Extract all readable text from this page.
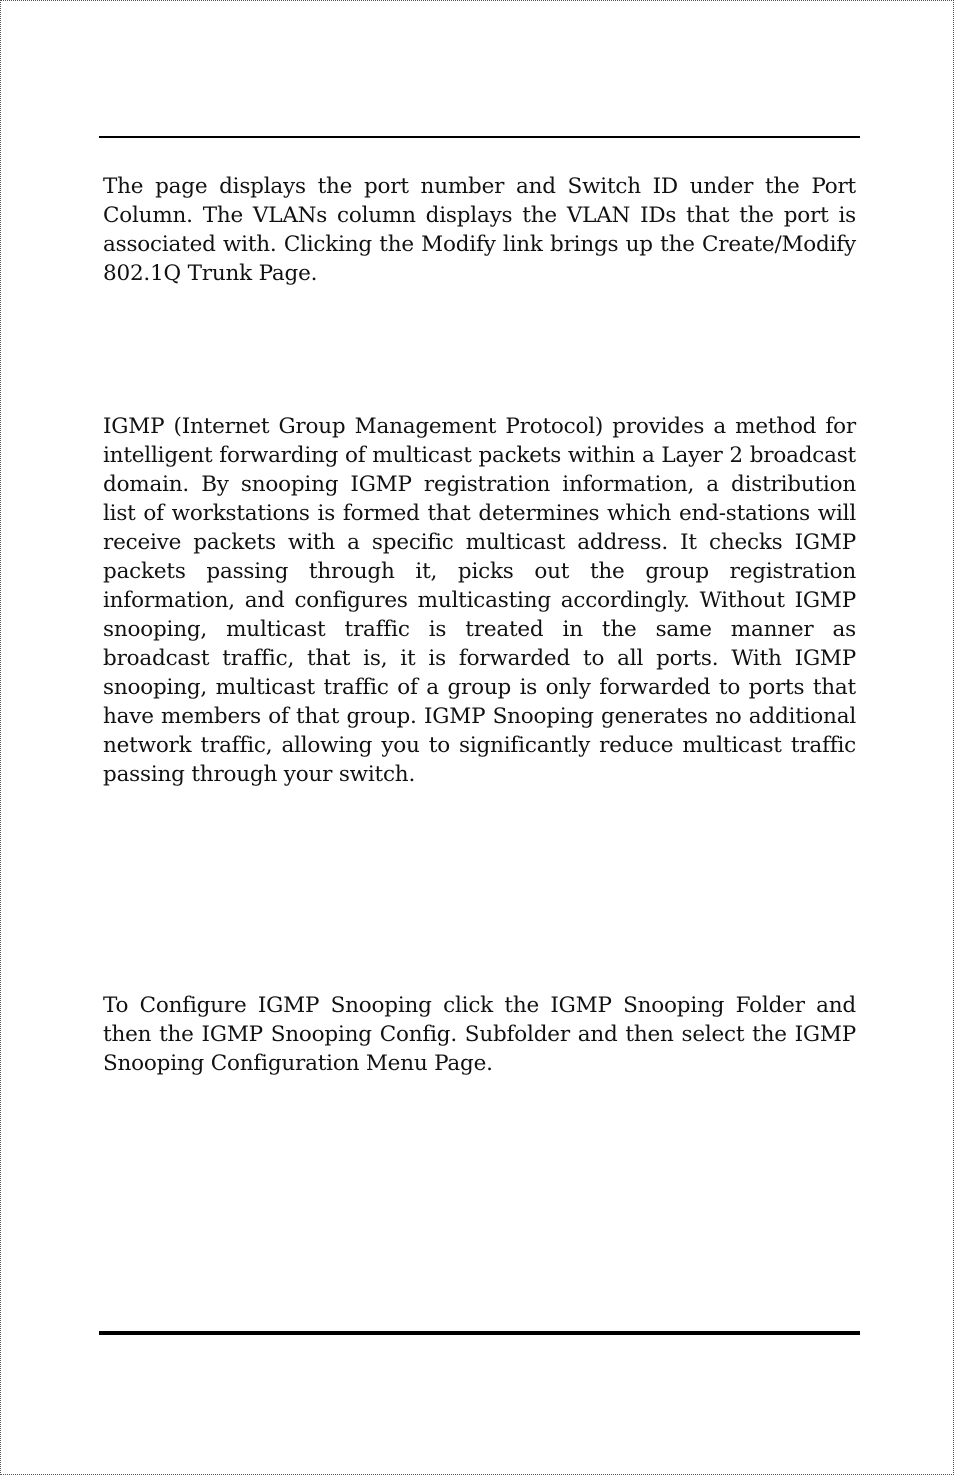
The page displays the port number and Switch ID under the Port Column. The VLANs column displays the VLAN IDs that the port is associated with. Clicking the Modify link brings up the Create/Modify 802.1Q Trunk Page.

IGMP (Internet Group Management Protocol) provides a method for intelligent forwarding of multicast packets within a Layer 2 broadcast domain. By snooping IGMP registration information, a distribution list of workstations is formed that determines which end-stations will receive packets with a specific multicast address. It checks IGMP packets passing through it, picks out the group registration information, and configures multicasting accordingly. Without IGMP snooping, multicast traffic is treated in the same manner as broadcast traffic, that is, it is forwarded to all ports. With IGMP snooping, multicast traffic of a group is only forwarded to ports that have members of that group. IGMP Snooping generates no additional network traffic, allowing you to significantly reduce multicast traffic passing through your switch.

To Configure IGMP Snooping click the IGMP Snooping Folder and then the IGMP Snooping Config. Subfolder and then select the IGMP Snooping Configuration Menu Page.
